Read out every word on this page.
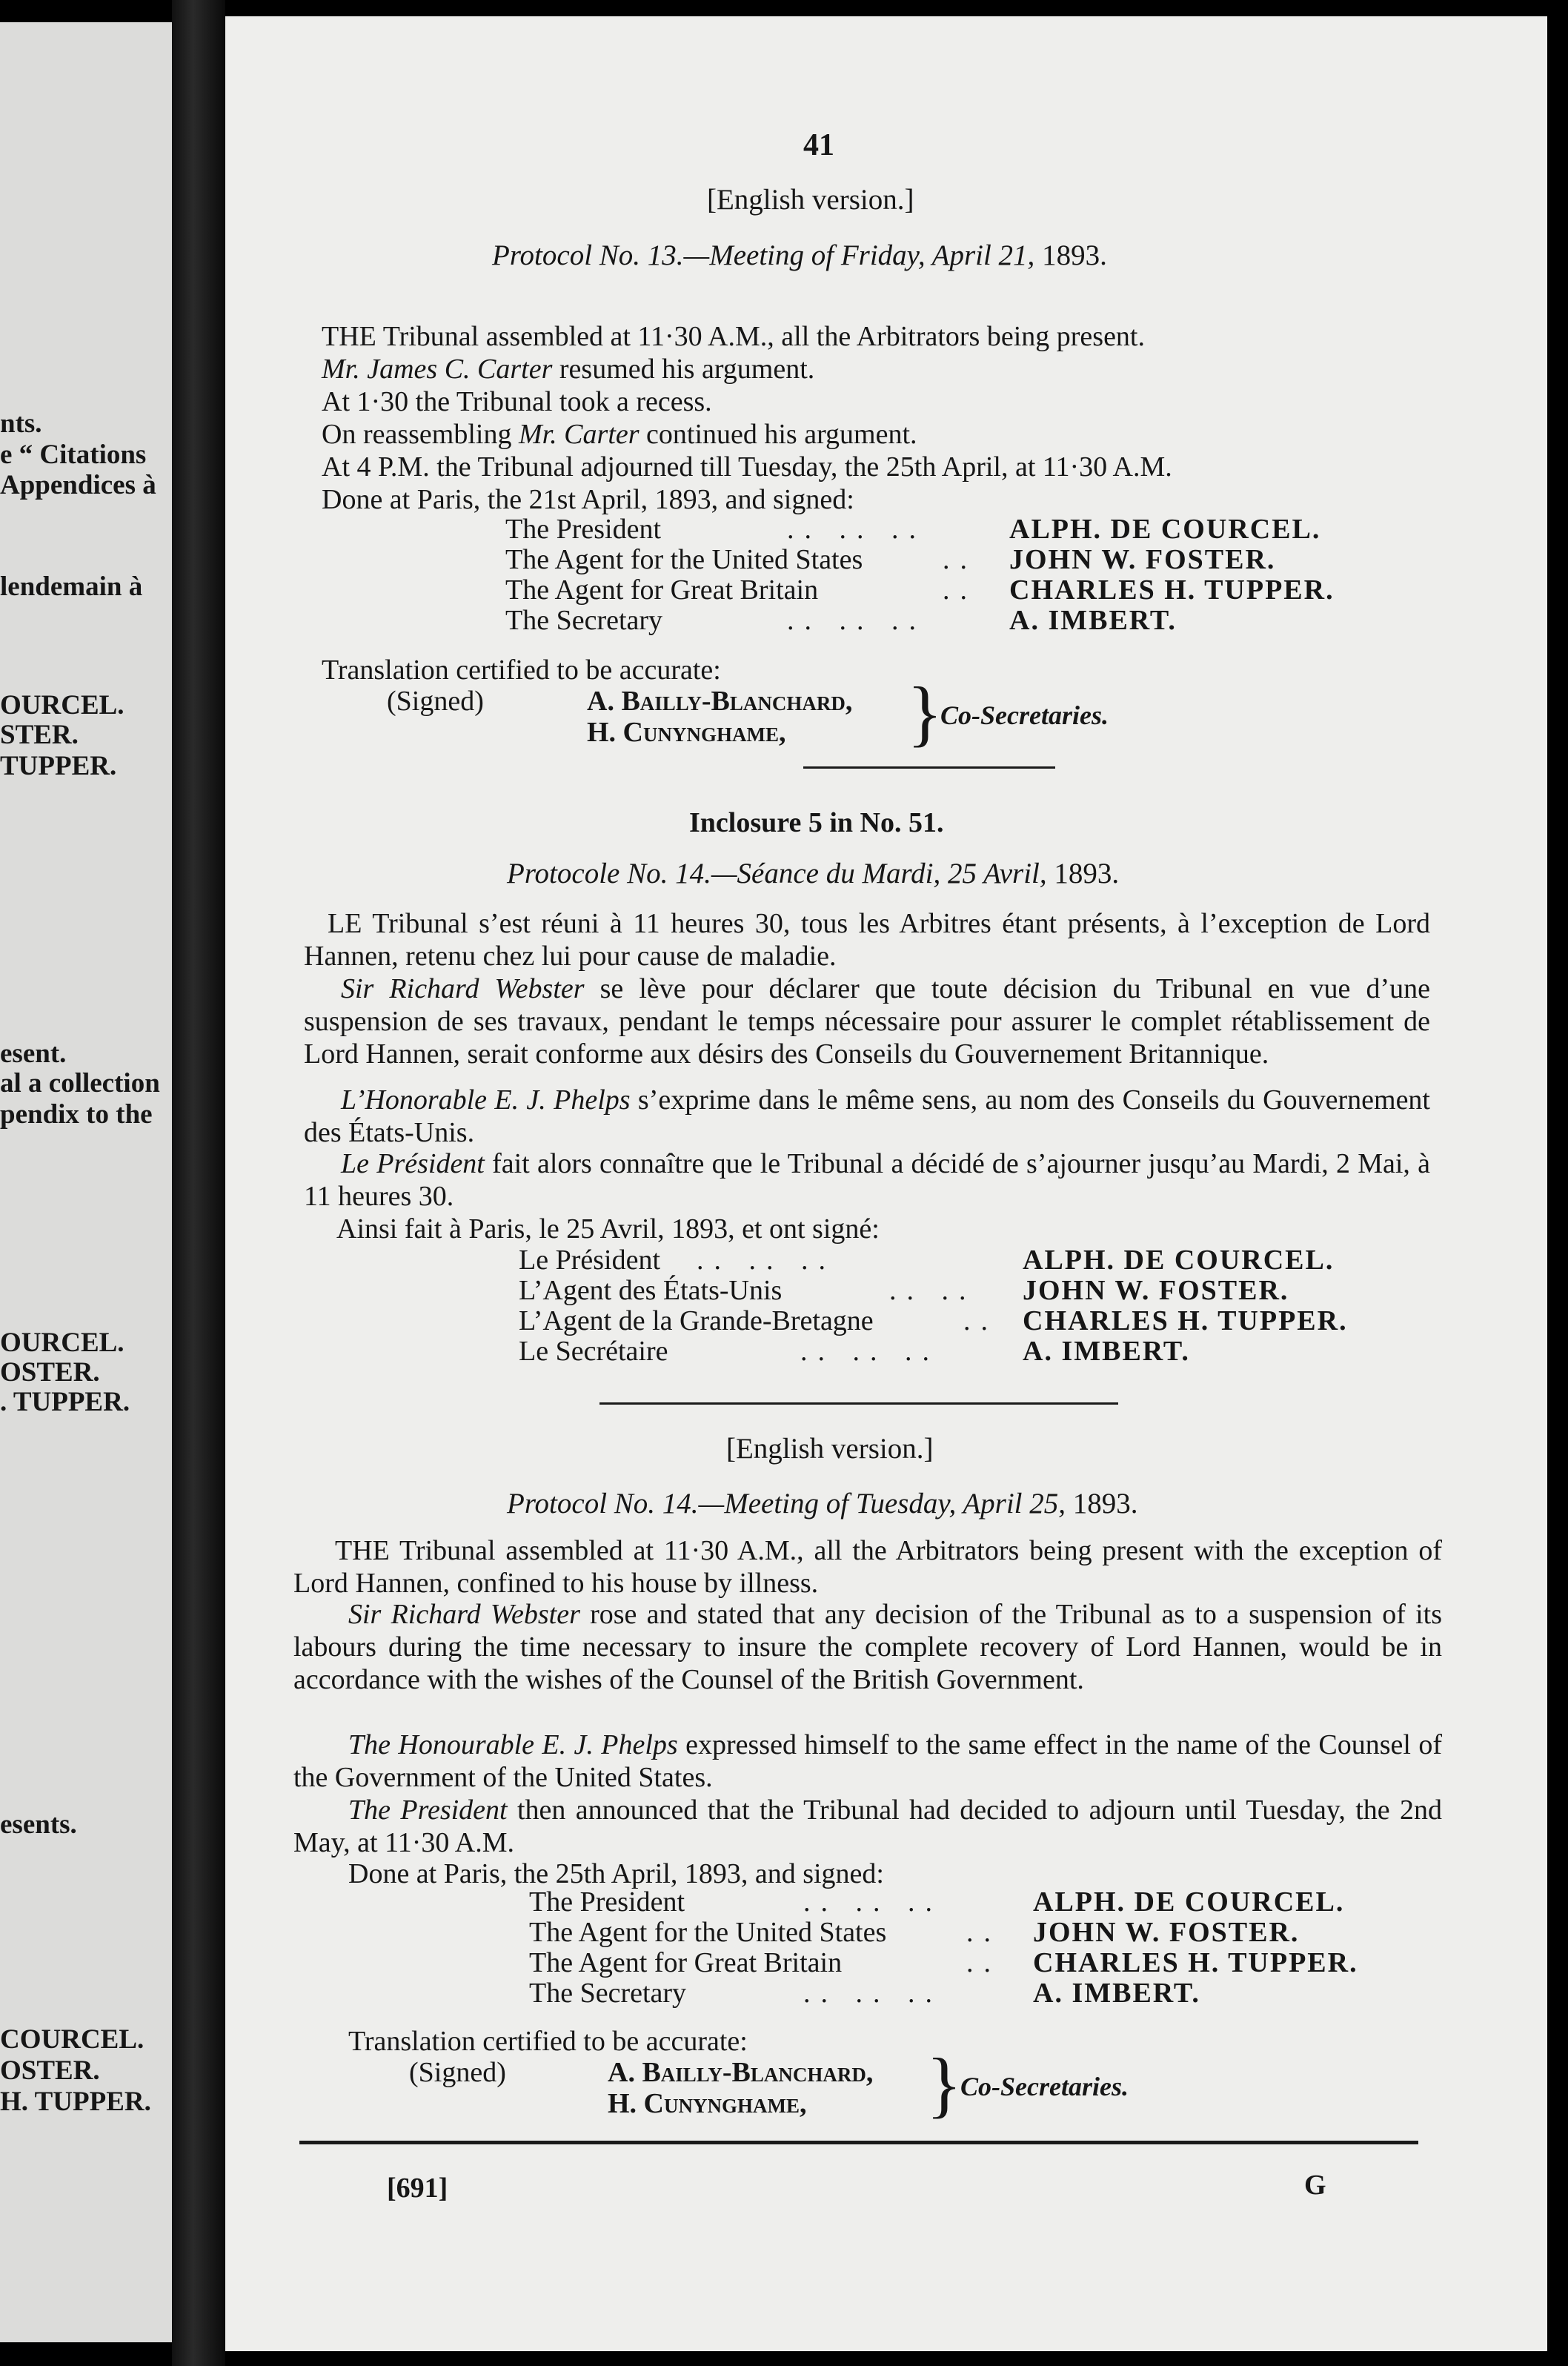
nts.
e “ Citations
Appendices à
lendemain à
OURCEL.
STER.
TUPPER.
esent.
al a collection
pendix to the
OURCEL.
OSTER.
. TUPPER.
esents.
COURCEL.
OSTER.
H. TUPPER.
41
[English version.]
Protocol No. 13.—Meeting of Friday, April 21, 1893.
THE Tribunal assembled at 11·30 A.M., all the Arbitrators being present.
Mr. James C. Carter resumed his argument.
At 1·30 the Tribunal took a recess.
On reassembling Mr. Carter continued his argument.
At 4 P.M. the Tribunal adjourned till Tuesday, the 25th April, at 11·30 A.M.
Done at Paris, the 21st April, 1893, and signed:
The President	.. .. ..	ALPH. DE COURCEL.
The Agent for the United States	.. JOHN W. FOSTER.
The Agent for Great Britain	.. CHARLES H. TUPPER.
The Secretary	.. .. ..	A. IMBERT.
Translation certified to be accurate:
(Signed)	A. Bailly-Blanchard,
H. Cunynghame, }
Co-Secretaries.
Inclosure 5 in No. 51.
Protocole No. 14.—Séance du Mardi, 25 Avril, 1893.
LE Tribunal s’est réuni à 11 heures 30, tous les Arbitres étant présents, à l’exception de Lord Hannen, retenu chez lui pour cause de maladie.
Sir Richard Webster se lève pour déclarer que toute décision du Tribunal en vue d’une suspension de ses travaux, pendant le temps nécessaire pour assurer le complet rétablissement de Lord Hannen, serait conforme aux désirs des Conseils du Gouvernement Britannique.
L’Honorable E. J. Phelps s’exprime dans le même sens, au nom des Conseils du Gouvernement des États-Unis.
Le Président fait alors connaître que le Tribunal a décidé de s’ajourner jusqu’au Mardi, 2 Mai, à 11 heures 30.
Ainsi fait à Paris, le 25 Avril, 1893, et ont signé:
Le Président .. .. ..	ALPH. DE COURCEL.
L’Agent des États-Unis	.. .. JOHN W. FOSTER.
L’Agent de la Grande-Bretagne	.. CHARLES H. TUPPER.
Le Secrétaire	.. .. ..	A. IMBERT.
[English version.]
Protocol No. 14.—Meeting of Tuesday, April 25, 1893.
THE Tribunal assembled at 11·30 A.M., all the Arbitrators being present with the exception of Lord Hannen, confined to his house by illness.
Sir Richard Webster rose and stated that any decision of the Tribunal as to a suspension of its labours during the time necessary to insure the complete recovery of Lord Hannen, would be in accordance with the wishes of the Counsel of the British Government.
The Honourable E. J. Phelps expressed himself to the same effect in the name of the Counsel of the Government of the United States.
The President then announced that the Tribunal had decided to adjourn until Tuesday, the 2nd May, at 11·30 A.M.
Done at Paris, the 25th April, 1893, and signed:
The President	.. .. ..	ALPH. DE COURCEL.
The Agent for the United States	.. JOHN W. FOSTER.
The Agent for Great Britain	.. CHARLES H. TUPPER.
The Secretary	.. .. ..	A. IMBERT.
Translation certified to be accurate:
(Signed)	A. Bailly-Blanchard,
H. Cunynghame, }
Co-Secretaries.
[691]	G
